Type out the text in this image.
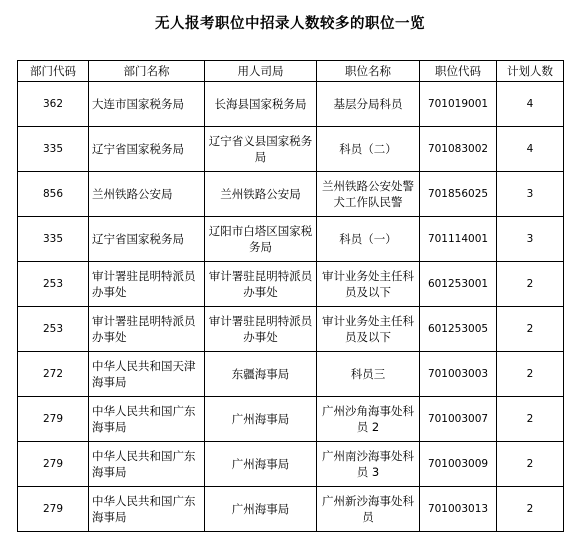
无人报考职位中招录人数较多的职位一览
部门代码	部门名称	用人司局	职位名称	职位代码	计划人数
362	大连市国家税务局	长海县国家税务局	基层分局科员	701019001	4
335	辽宁省国家税务局	辽宁省义县国家税务局	科员（二）	701083002	4
856	兰州铁路公安局	兰州铁路公安局	兰州铁路公安处警犬工作队民警	701856025	3
335	辽宁省国家税务局	辽阳市白塔区国家税务局	科员（一）	701114001	3
253	审计署驻昆明特派员办事处	审计署驻昆明特派员办事处	审计业务处主任科员及以下	601253001	2
253	审计署驻昆明特派员办事处	审计署驻昆明特派员办事处	审计业务处主任科员及以下	601253005	2
272	中华人民共和国天津海事局	东疆海事局	科员三	701003003	2
279	中华人民共和国广东海事局	广州海事局	广州沙角海事处科员 2	701003007	2
279	中华人民共和国广东海事局	广州海事局	广州南沙海事处科员 3	701003009	2
279	中华人民共和国广东海事局	广州海事局	广州新沙海事处科员	701003013	2
